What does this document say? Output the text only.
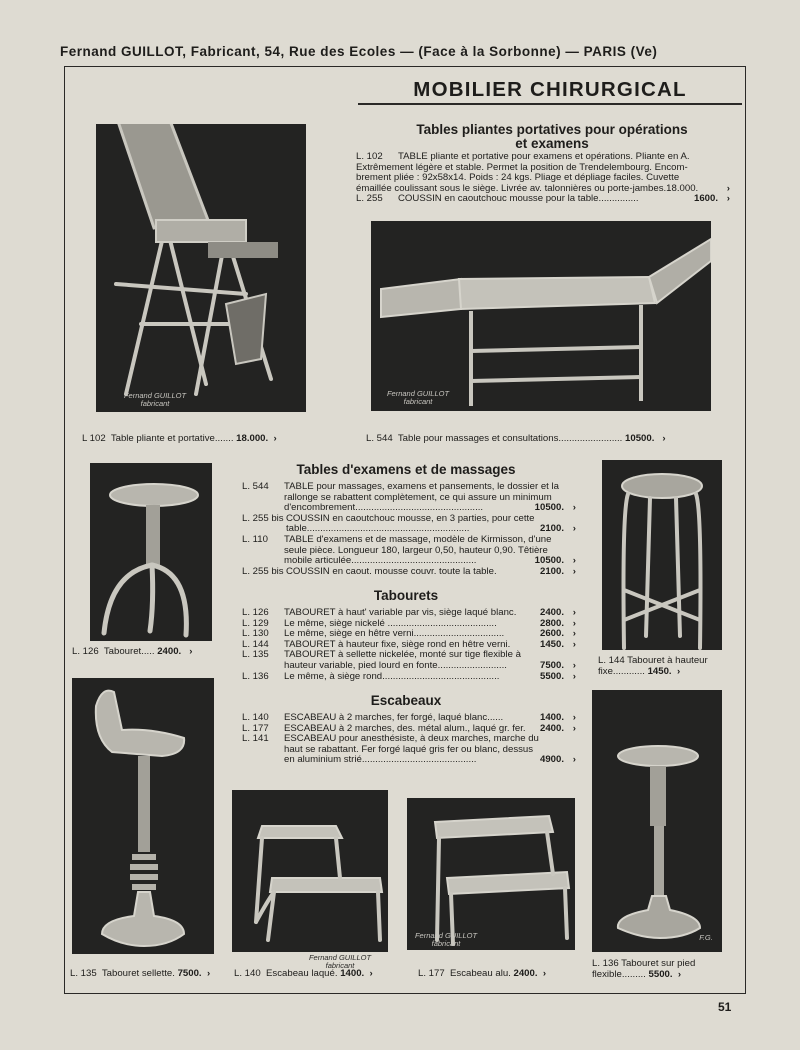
Fernand GUILLOT, Fabricant, 54, Rue des Ecoles — (Face à la Sorbonne) — PARIS (Ve)
MOBILIER CHIRURGICAL
Tables pliantes portatives pour opérations
et examens
L. 102	TABLE pliante et portative pour examens et opérations. Pliante en A.
Extrêmement légère et stable. Permet la position de Trendelembourg. Encom-
brement pliée : 92x58x14. Poids : 24 kgs. Pliage et dépliage faciles. Cuvette
émaillée coulissant sous le siège. Livrée av. talonnières ou porte-jambes.18.000.	›
L. 255	COUSSIN en caoutchouc mousse pour la table...............	1600. ›
Fernand GUILLOT
fabricant
L 102 Table pliante et portative....... 18.000. ›
Fernand GUILLOT
fabricant
L. 544 Table pour massages et consultations........................ 10500. ›
Tables d'examens et de massages
L. 544	TABLE pour massages, examens et pansements, le dossier et la
rallonge se rabattent complètement, ce qui assure un minimum
d'encombrement................................................	10500. ›
L. 255 bis COUSSIN en caoutchouc mousse, en 3 parties, pour cette
table.............................................................	2100. ›
L. 110	TABLE d'examens et de massage, modèle de Kirmisson, d'une
seule pièce. Longueur 180, largeur 0,50, hauteur 0,90. Têtière
mobile articulée...............................................	10500. ›
L. 255 bis COUSSIN en caout. mousse couvr. toute la table.	2100. ›
Tabourets
L. 126	TABOURET à haut' variable par vis, siège laqué blanc.	2400. ›
L. 129	Le même, siège nickelé .........................................	2800. ›
L. 130	Le même, siège en hêtre verni..................................	2600. ›
L. 144	TABOURET à hauteur fixe, siège rond en hêtre verni.	1450. ›
L. 135	TABOURET à sellette nickelée, monté sur tige flexible à
hauteur variable, pied lourd en fonte..........................	7500. ›
L. 136	Le même, à siège rond............................................	5500. ›
Escabeaux
L. 140	ESCABEAU à 2 marches, fer forgé, laqué blanc......	1400. ›
L. 177	ESCABEAU à 2 marches, des. métal alum., laqué gr. fer.	2400. ›
L. 141	ESCABEAU pour anesthésiste, à deux marches, marche du
haut se rabattant. Fer forgé laqué gris fer ou blanc, dessus
en aluminium strié...........................................	4900. ›
L. 126 Tabouret..... 2400. ›
L. 144 Tabouret à hauteur
fixe............ 1450. ›
L. 135 Tabouret sellette. 7500. ›
Fernand GUILLOT
fabricant
L. 140 Escabeau laqué. 1400. ›
Fernand GUILLOT
fabricant
L. 177 Escabeau alu. 2400. ›
F.G.
L. 136 Tabouret sur pied
flexible......... 5500. ›
51
